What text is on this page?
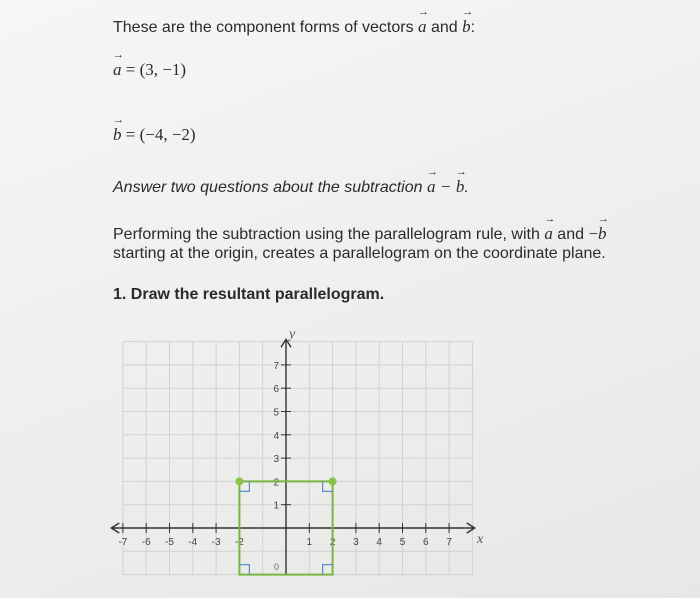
These are the component forms of vectors → a and → b:
→ a = (3, −1)
→ b = (−4, −2)
Answer two questions about the subtraction → a − → b.
Performing the subtraction using the parallelogram rule, with → a and −→ b
starting at the origin, creates a parallelogram on the coordinate plane.
1. Draw the resultant parallelogram.
-7 -6 -5 -4 -3 -2	1 2 3 4 5 6 7
7
6
5
4
3
2
1
0
y
x
